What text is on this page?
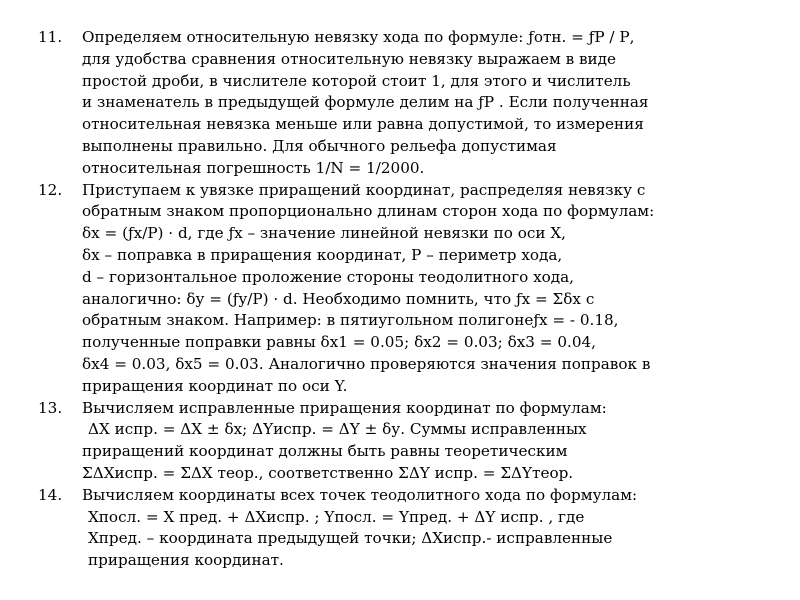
11. Определяем относительную невязку хода по формуле: ƒотн. = ƒР / Р,
для удобства сравнения относительную невязку выражаем в виде
простой дроби, в числителе которой стоит 1, для этого и числитель
и знаменатель в предыдущей формуле делим на ƒР . Если полученная
относительная невязка меньше или равна допустимой, то измерения
выполнены правильно. Для обычного рельефа допустимая
относительная погрешность 1/N = 1/2000.
12. Приступаем к увязке приращений координат, распределяя невязку с
обратным знаком пропорционально длинам сторон хода по формулам:
δх = (ƒх/Р) · d, где ƒх – значение линейной невязки по оси Х,
δх – поправка в приращения координат, Р – периметр хода,
d – горизонтальное проложение стороны теодолитного хода,
аналогично: δу = (ƒу/Р) · d. Необходимо помнить, что ƒх = Σδх с
обратным знаком. Например: в пятиугольном полигонеƒх = - 0.18,
полученные поправки равны δх1 = 0.05; δх2 = 0.03; δх3 = 0.04,
δх4 = 0.03, δх5 = 0.03. Аналогично проверяются значения поправок в
приращения координат по оси Y.
13. Вычисляем исправленные приращения координат по формулам:
ΔХ испр. = ΔХ ± δх; ΔYиспр. = ΔY ± δу. Суммы исправленных
приращений координат должны быть равны теоретическим
ΣΔХиспр. = ΣΔХ теор., соответственно ΣΔY испр. = ΣΔYтеор.
14. Вычисляем координаты всех точек теодолитного хода по формулам:
Хпосл. = Х пред. + ΔХиспр. ; Yпосл. = Yпред. + ΔY испр. , где
Хпред. – координата предыдущей точки; ΔХиспр.- исправленные
приращения координат.
